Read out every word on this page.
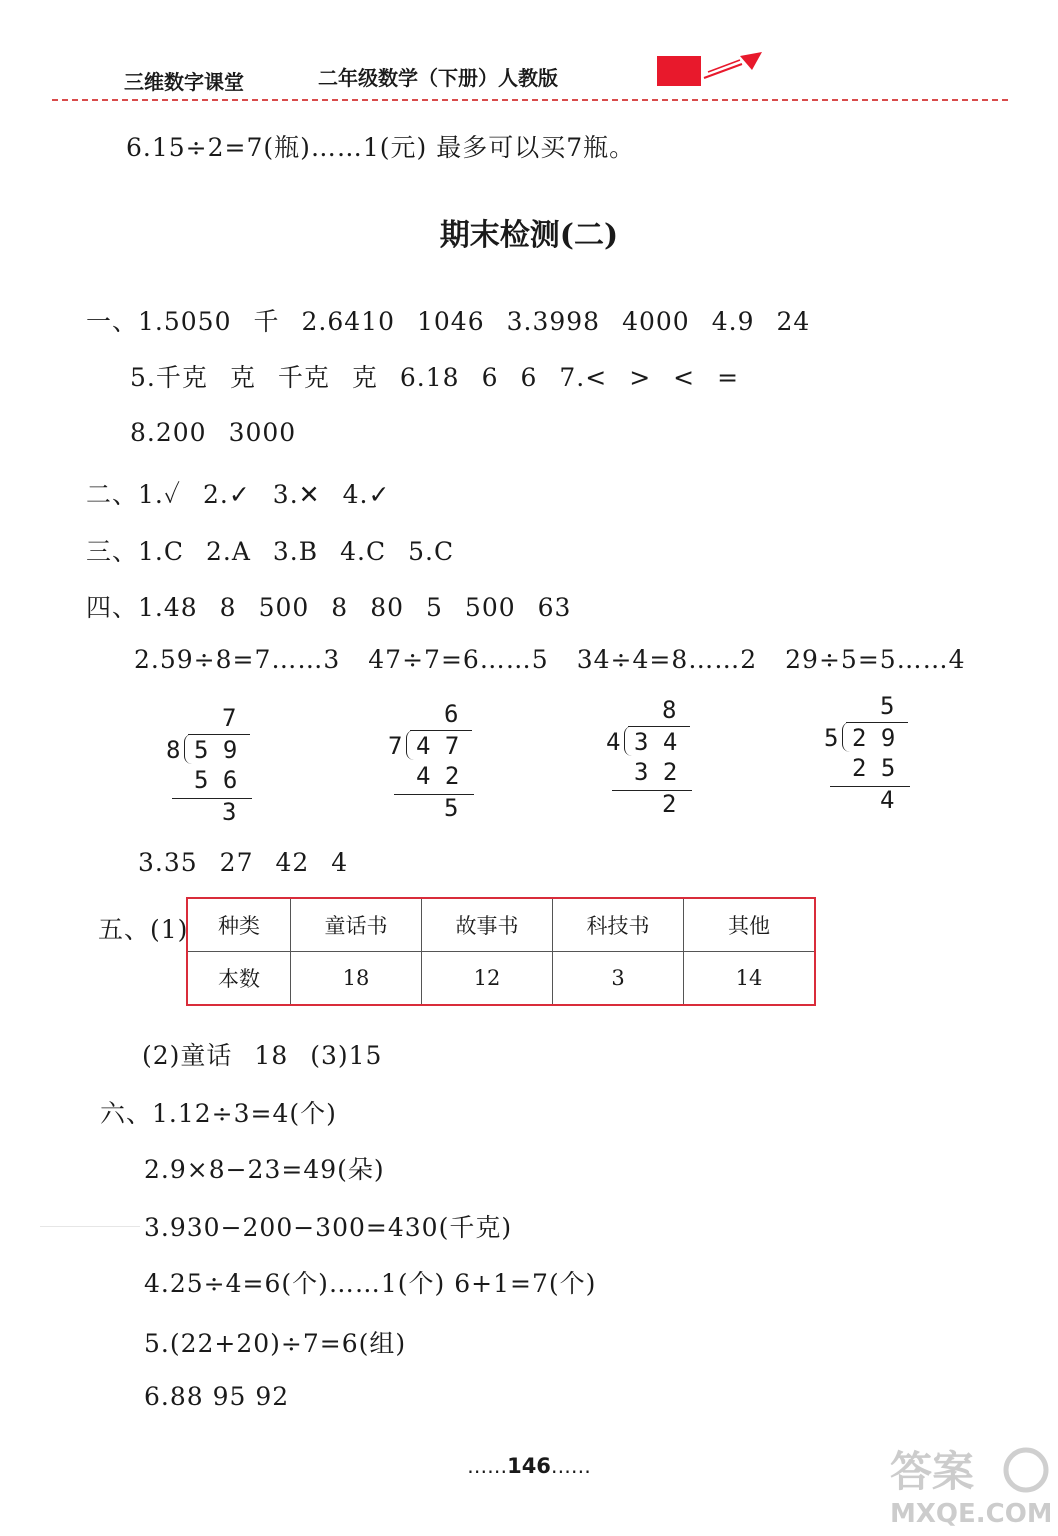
三维数字课堂	二年级数学（下册）人教版
6.15÷2=7(瓶)……1(元) 最多可以买7瓶。
期末检测(二)
一、1.5050 千 2.6410 1046 3.3998 4000 4.9 24
5.千克 克 千克 克 6.18 6 6 7.< > < =
8.200 3000
二、1.✓ 2.✓ 3.✕ 4.✓
三、1.C 2.A 3.B 4.C 5.C
四、1.48 8 500 8 80 5 500 63
2.59÷8=7……3 47÷7=6……5 34÷4=8……2 29÷5=5……4
7
8 5 9
5 6
3
6
7 4 7
4 2
5
8
4 3 4
3 2
2
5
5 2 9
2 5
4
3.35 27 42 4
五、(1) 种类	童话书	故事书	科技书	其他
本数	18	12	3	14
(2)童话 18 (3)15
六、1.12÷3=4(个)
2.9×8−23=49(朵)
3.930−200−300=430(千克)
4.25÷4=6(个)……1(个) 6+1=7(个)
5.(22+20)÷7=6(组)
6.88 95 92
……146……	答案
MXQE.COM
